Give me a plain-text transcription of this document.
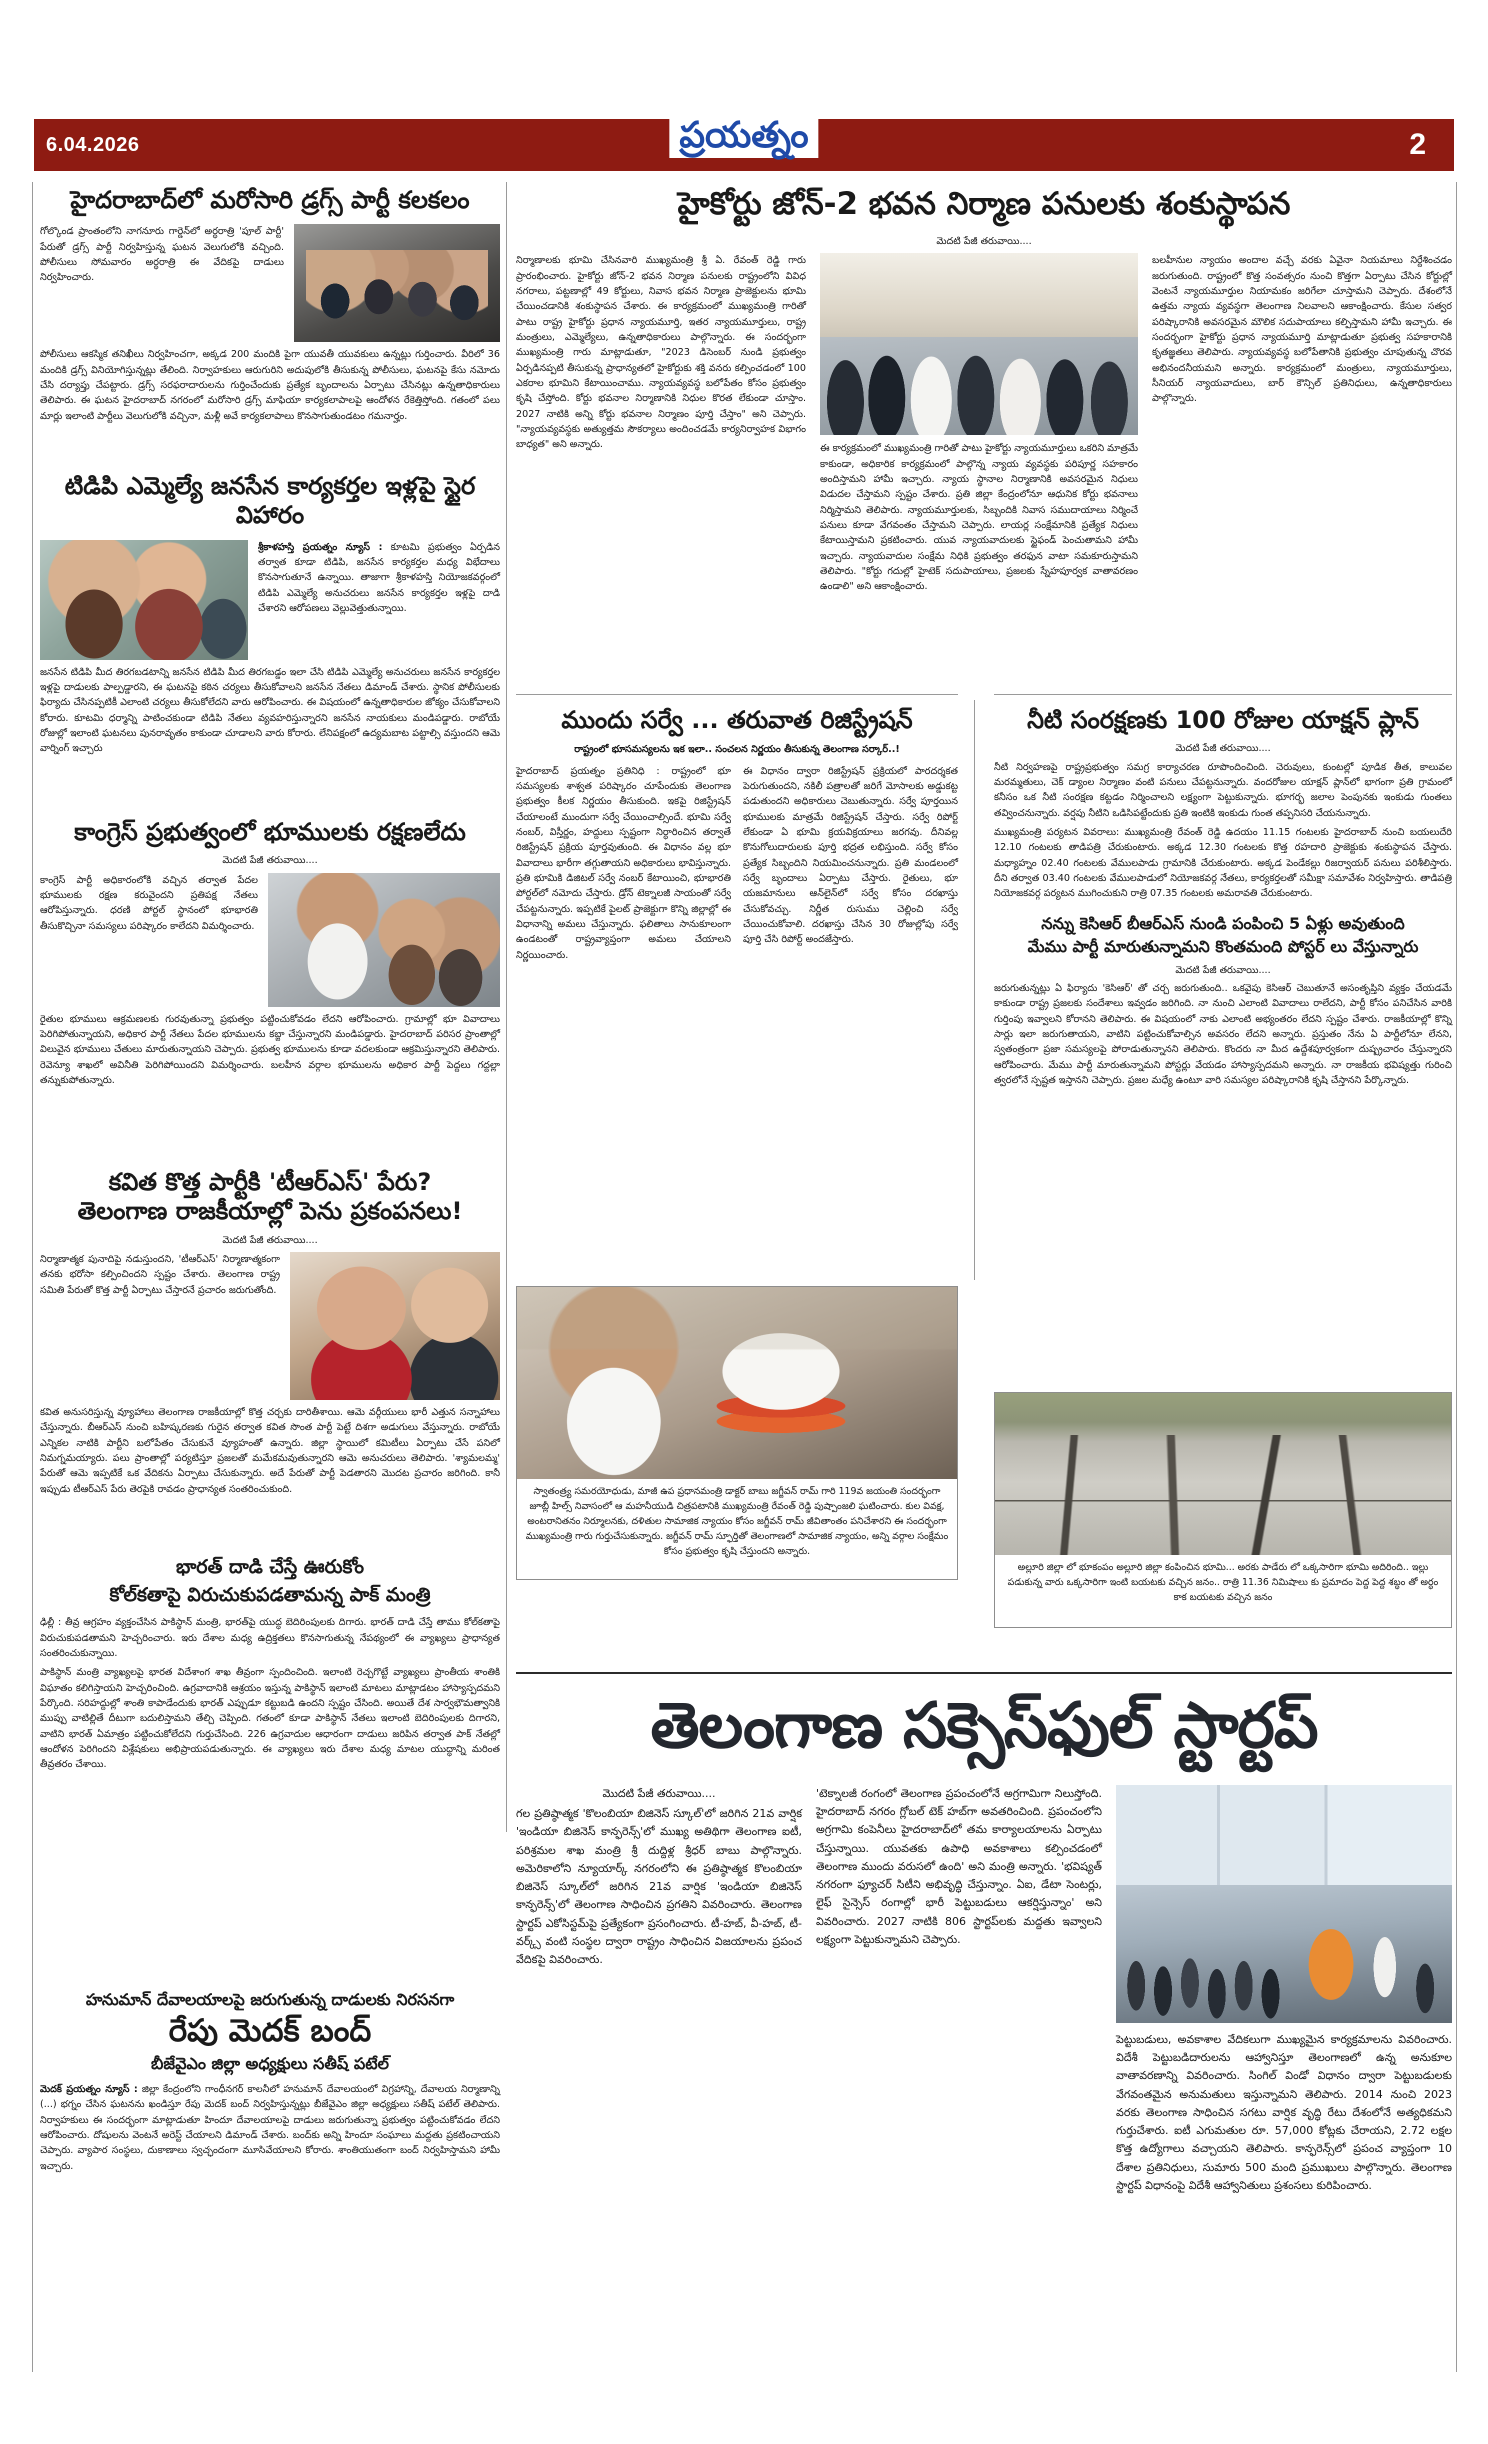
6.04.2026	ప్రయత్నం	2
హైదరాబాద్‌లో మరోసారి డ్రగ్స్ పార్టీ కలకలం
గోల్కొండ ప్రాంతంలోని నాగనూరు గార్డెన్‌లో అర్ధరాత్రి 'పూల్ పార్టీ' పేరుతో డ్రగ్స్ పార్టీ నిర్వహిస్తున్న ఘటన వెలుగులోకి వచ్చింది. పోలీసులు సోమవారం అర్ధరాత్రి ఈ వేదికపై దాడులు నిర్వహించారు.
పోలీసులు ఆకస్మిక తనిఖీలు నిర్వహించగా, అక్కడ 200 మందికి పైగా యువతీ యువకులు ఉన్నట్లు గుర్తించారు. వీరిలో 36 మందికి డ్రగ్స్ వినియోగిస్తున్నట్లు తేలింది. నిర్వాహకులు ఆరుగురిని అదుపులోకి తీసుకున్న పోలీసులు, ఘటనపై కేసు నమోదు చేసి దర్యాప్తు చేపట్టారు. డ్రగ్స్ సరఫరాదారులను గుర్తించేందుకు ప్రత్యేక బృందాలను ఏర్పాటు చేసినట్లు ఉన్నతాధికారులు తెలిపారు. ఈ ఘటన హైదరాబాద్ నగరంలో మరోసారి డ్రగ్స్ మాఫియా కార్యకలాపాలపై ఆందోళన రేకెత్తిస్తోంది. గతంలో పలు మార్లు ఇలాంటి పార్టీలు వెలుగులోకి వచ్చినా, మళ్లీ అవే కార్యకలాపాలు కొనసాగుతుండటం గమనార్హం.
టిడిపి ఎమ్మెల్యే జనసేన కార్యకర్తల ఇళ్లపై స్టైర విహారం
శ్రీకాళహస్తి ప్రయత్నం న్యూస్ : కూటమి ప్రభుత్వం ఏర్పడిన తర్వాత కూడా టిడిపి, జనసేన కార్యకర్తల మధ్య విభేదాలు కొనసాగుతూనే ఉన్నాయి. తాజాగా శ్రీకాళహస్తి నియోజకవర్గంలో టిడిపి ఎమ్మెల్యే అనుచరులు జనసేన కార్యకర్తల ఇళ్లపై దాడి చేశారని ఆరోపణలు వెల్లువెత్తుతున్నాయి.
జనసేన టిడిపి మీద తిరగబడటాన్ని జనసేన టిడిపి మీద తిరగబడ్డం ఇలా చేసి టిడిపి ఎమ్మెల్యే అనుచరులు జనసేన కార్యకర్తల ఇళ్లపై దాడులకు పాల్పడ్డారని, ఈ ఘటనపై కఠిన చర్యలు తీసుకోవాలని జనసేన నేతలు డిమాండ్ చేశారు. స్థానిక పోలీసులకు ఫిర్యాదు చేసినప్పటికీ ఎలాంటి చర్యలు తీసుకోలేదని వారు ఆరోపించారు. ఈ విషయంలో ఉన్నతాధికారుల జోక్యం చేసుకోవాలని కోరారు. కూటమి ధర్మాన్ని పాటించకుండా టిడిపి నేతలు వ్యవహరిస్తున్నారని జనసేన నాయకులు మండిపడ్డారు. రాబోయే రోజుల్లో ఇలాంటి ఘటనలు పునరావృతం కాకుండా చూడాలని వారు కోరారు. లేనిపక్షంలో ఉద్యమబాట పట్టాల్సి వస్తుందని ఆమె వార్నింగ్ ఇచ్చారు
కాంగ్రెస్ ప్రభుత్వంలో భూములకు రక్షణలేదు
మెదటి పేజీ తరువాయి....
కాంగ్రెస్ పార్టీ అధికారంలోకి వచ్చిన తర్వాత పేదల భూములకు రక్షణ కరువైందని ప్రతిపక్ష నేతలు ఆరోపిస్తున్నారు. ధరణి పోర్టల్ స్థానంలో భూభారతి తీసుకొచ్చినా సమస్యలు పరిష్కారం కాలేదని విమర్శించారు.
రైతుల భూములు ఆక్రమణలకు గురవుతున్నా ప్రభుత్వం పట్టించుకోవడం లేదని ఆరోపించారు. గ్రామాల్లో భూ వివాదాలు పెరిగిపోతున్నాయని, అధికార పార్టీ నేతలు పేదల భూములను కబ్జా చేస్తున్నారని మండిపడ్డారు. హైదరాబాద్ పరిసర ప్రాంతాల్లో విలువైన భూములు చేతులు మారుతున్నాయని చెప్పారు. ప్రభుత్వ భూములను కూడా వదలకుండా ఆక్రమిస్తున్నారని తెలిపారు. రెవెన్యూ శాఖలో అవినీతి పెరిగిపోయిందని విమర్శించారు. బలహీన వర్గాల భూములను అధికార పార్టీ పెద్దలు గద్దల్లా తన్నుకుపోతున్నారు.
కవిత కొత్త పార్టీకి 'టీఆర్ఎస్' పేరు?
తెలంగాణ రాజకీయాల్లో పెను ప్రకంపనలు!
మెదటి పేజీ తరువాయి....
నిర్మాణాత్మక పునాదిపై నడుస్తుందని, 'టీఆర్ఎస్' నిర్మాణాత్మకంగా తనకు భరోసా కల్పించిందని స్పష్టం చేశారు. తెలంగాణ రాష్ట్ర సమితి పేరుతో కొత్త పార్టీ ఏర్పాటు చేస్తారనే ప్రచారం జరుగుతోంది.
కవిత అనుసరిస్తున్న వ్యూహాలు తెలంగాణ రాజకీయాల్లో కొత్త చర్చకు దారితీశాయి. ఆమె వర్గీయులు భారీ ఎత్తున సన్నాహాలు చేస్తున్నారు. బీఆర్ఎస్ నుంచి బహిష్కరణకు గురైన తర్వాత కవిత సొంత పార్టీ పెట్టే దిశగా అడుగులు వేస్తున్నారు. రాబోయే ఎన్నికల నాటికి పార్టీని బలోపేతం చేసుకునే వ్యూహంతో ఉన్నారు. జిల్లా స్థాయిలో కమిటీలు ఏర్పాటు చేసే పనిలో నిమగ్నమయ్యారు. పలు ప్రాంతాల్లో పర్యటిస్తూ ప్రజలతో మమేకమవుతున్నారని ఆమె అనుచరులు తెలిపారు. 'శ్యామలమ్మ' పేరుతో ఆమె ఇప్పటికే ఒక వేదికను ఏర్పాటు చేసుకున్నారు. అదే పేరుతో పార్టీ పెడతారని మొదట ప్రచారం జరిగింది. కానీ ఇప్పుడు టీఆర్ఎస్ పేరు తెరపైకి రావడం ప్రాధాన్యత సంతరించుకుంది.
భారత్ దాడి చేస్తే ఊరుకోం
కోల్‌కతాపై విరుచుకుపడతామన్న పాక్ మంత్రి
ఢిల్లీ : తీవ్ర ఆగ్రహం వ్యక్తంచేసిన పాకిస్థాన్ మంత్రి, భారత్‌పై యుద్ధ బెదిరింపులకు దిగారు. భారత్ దాడి చేస్తే తాము కోల్‌కతాపై విరుచుకుపడతామని హెచ్చరించారు. ఇరు దేశాల మధ్య ఉద్రిక్తతలు కొనసాగుతున్న నేపథ్యంలో ఈ వ్యాఖ్యలు ప్రాధాన్యత సంతరించుకున్నాయి.
పాకిస్థాన్ మంత్రి వ్యాఖ్యలపై భారత విదేశాంగ శాఖ తీవ్రంగా స్పందించింది. ఇలాంటి రెచ్చగొట్టే వ్యాఖ్యలు ప్రాంతీయ శాంతికి విఘాతం కలిగిస్తాయని హెచ్చరించింది. ఉగ్రవాదానికి ఆశ్రయం ఇస్తున్న పాకిస్థాన్ ఇలాంటి మాటలు మాట్లాడటం హాస్యాస్పదమని పేర్కొంది. సరిహద్దుల్లో శాంతి కాపాడేందుకు భారత్ ఎప్పుడూ కట్టుబడి ఉందని స్పష్టం చేసింది. అయితే దేశ సార్వభౌమత్వానికి ముప్పు వాటిల్లితే దీటుగా బదులిస్తామని తేల్చి చెప్పింది. గతంలో కూడా పాకిస్థాన్ నేతలు ఇలాంటి బెదిరింపులకు దిగారని, వాటిని భారత్ ఏమాత్రం పట్టించుకోలేదని గుర్తుచేసింది. 226 ఉగ్రవాదుల ఆధారంగా దాడులు జరిపిన తర్వాత పాక్ నేతల్లో ఆందోళన పెరిగిందని విశ్లేషకులు అభిప్రాయపడుతున్నారు. ఈ వ్యాఖ్యలు ఇరు దేశాల మధ్య మాటల యుద్ధాన్ని మరింత తీవ్రతరం చేశాయి.
హనుమాన్ దేవాలయాలపై జరుగుతున్న దాడులకు నిరసనగా
రేపు మెదక్ బంద్
బీజేవైఎం జిల్లా అధ్యక్షులు సతీష్ పటేల్
మెదక్ ప్రయత్నం న్యూస్ : జిల్లా కేంద్రంలోని గాంధీనగర్ కాలనీలో హనుమాన్ దేవాలయంలో విగ్రహాన్ని, దేవాలయ నిర్మాణాన్ని (...) భగ్నం చేసిన ఘటనను ఖండిస్తూ రేపు మెదక్ బంద్ నిర్వహిస్తున్నట్లు బీజేవైఎం జిల్లా అధ్యక్షులు సతీష్ పటేల్ తెలిపారు. నిర్వాహకులు ఈ సందర్భంగా మాట్లాడుతూ హిందూ దేవాలయాలపై దాడులు జరుగుతున్నా ప్రభుత్వం పట్టించుకోవడం లేదని ఆరోపించారు. దోషులను వెంటనే అరెస్ట్ చేయాలని డిమాండ్ చేశారు. బంద్‌కు అన్ని హిందూ సంఘాలు మద్దతు ప్రకటించాయని చెప్పారు. వ్యాపార సంస్థలు, దుకాణాలు స్వచ్ఛందంగా మూసివేయాలని కోరారు. శాంతియుతంగా బంద్ నిర్వహిస్తామని హామీ ఇచ్చారు.
హైకోర్టు జోన్-2 భవన నిర్మాణ పనులకు శంకుస్థాపన
మెదటి పేజీ తరువాయి....
నిర్మాణాలకు భూమి చేసినవారి ముఖ్యమంత్రి శ్రీ ఏ. రేవంత్ రెడ్డి గారు ప్రారంభించారు. హైకోర్టు జోన్-2 భవన నిర్మాణ పనులకు రాష్ట్రంలోని వివిధ నగరాలు, పట్టణాల్లో 49 కోర్టులు, నివాస భవన నిర్మాణ ప్రాజెక్టులను భూమి చేయించడానికి శంకుస్థాపన చేశారు. ఈ కార్యక్రమంలో ముఖ్యమంత్రి గారితో పాటు రాష్ట్ర హైకోర్టు ప్రధాన న్యాయమూర్తి, ఇతర న్యాయమూర్తులు, రాష్ట్ర మంత్రులు, ఎమ్మెల్యేలు, ఉన్నతాధికారులు పాల్గొన్నారు. ఈ సందర్భంగా ముఖ్యమంత్రి గారు మాట్లాడుతూ, "2023 డిసెంబర్ నుండి ప్రభుత్వం ఏర్పడినప్పటి తీసుకున్న ప్రాధాన్యతలో హైకోర్టుకు శక్తి వనరు కల్పించడంలో 100 ఎకరాల భూమిని కేటాయించాము. న్యాయవ్యవస్థ బలోపేతం కోసం ప్రభుత్వం కృషి చేస్తోంది. కోర్టు భవనాల నిర్మాణానికి నిధుల కొరత లేకుండా చూస్తాం. 2027 నాటికి అన్ని కోర్టు భవనాల నిర్మాణం పూర్తి చేస్తాం" అని చెప్పారు. "న్యాయవ్యవస్థకు అత్యుత్తమ సౌకర్యాలు అందించడమే కార్యనిర్వాహక విభాగం బాధ్యత" అని అన్నారు.	ఈ కార్యక్రమంలో ముఖ్యమంత్రి గారితో పాటు హైకోర్టు న్యాయమూర్తులు ఒకరిని మాత్రమే కాకుండా, అధికారిక కార్యక్రమంలో పాల్గొన్న న్యాయ వ్యవస్థకు పరిపూర్ణ సహకారం అందిస్తామని హామీ ఇచ్చారు. న్యాయ స్థానాల నిర్మాణానికి అవసరమైన నిధులు విడుదల చేస్తామని స్పష్టం చేశారు. ప్రతి జిల్లా కేంద్రంలోనూ ఆధునిక కోర్టు భవనాలు నిర్మిస్తామని తెలిపారు. న్యాయమూర్తులకు, సిబ్బందికి నివాస సముదాయాలు నిర్మించే పనులు కూడా వేగవంతం చేస్తామని చెప్పారు. లాయర్ల సంక్షేమానికి ప్రత్యేక నిధులు కేటాయిస్తామని ప్రకటించారు. యువ న్యాయవాదులకు స్టైఫండ్ పెంచుతామని హామీ ఇచ్చారు. న్యాయవాదుల సంక్షేమ నిధికి ప్రభుత్వం తరఫున వాటా సమకూరుస్తామని తెలిపారు. "కోర్టు గదుల్లో హైటెక్ సదుపాయాలు, ప్రజలకు స్నేహపూర్వక వాతావరణం ఉండాలి" అని ఆకాంక్షించారు.
బలహీనుల న్యాయం అందాల వచ్చే వరకు ఏవైనా నియమాలు నిర్దేశించడం జరుగుతుంది. రాష్ట్రంలో కొత్త సంవత్సరం నుంచి కొత్తగా ఏర్పాటు చేసిన కోర్టుల్లో వెంటనే న్యాయమూర్తుల నియామకం జరిగేలా చూస్తామని చెప్పారు. దేశంలోనే ఉత్తమ న్యాయ వ్యవస్థగా తెలంగాణ నిలవాలని ఆకాంక్షించారు. కేసుల సత్వర పరిష్కారానికి అవసరమైన మౌలిక సదుపాయాలు కల్పిస్తామని హామీ ఇచ్చారు. ఈ సందర్భంగా హైకోర్టు ప్రధాన న్యాయమూర్తి మాట్లాడుతూ ప్రభుత్వ సహకారానికి కృతజ్ఞతలు తెలిపారు. న్యాయవ్యవస్థ బలోపేతానికి ప్రభుత్వం చూపుతున్న చొరవ అభినందనీయమని అన్నారు. కార్యక్రమంలో మంత్రులు, న్యాయమూర్తులు, సీనియర్ న్యాయవాదులు, బార్ కౌన్సిల్ ప్రతినిధులు, ఉన్నతాధికారులు పాల్గొన్నారు.
ముందు సర్వే ... తరువాత రిజిస్ట్రేషన్
రాష్ట్రంలో భూసమస్యలను ఇక ఇలా.. సంచలన నిర్ణయం తీసుకున్న తెలంగాణ సర్కార్..!
హైదరాబాద్ ప్రయత్నం ప్రతినిధి : రాష్ట్రంలో భూ సమస్యలకు శాశ్వత పరిష్కారం చూపేందుకు తెలంగాణ ప్రభుత్వం కీలక నిర్ణయం తీసుకుంది. ఇకపై రిజిస్ట్రేషన్ చేయాలంటే ముందుగా సర్వే చేయించాల్సిందే. భూమి సర్వే నంబర్, విస్తీర్ణం, హద్దులు స్పష్టంగా నిర్ధారించిన తర్వాతే రిజిస్ట్రేషన్ ప్రక్రియ పూర్తవుతుంది. ఈ విధానం వల్ల భూ వివాదాలు భారీగా తగ్గుతాయని అధికారులు భావిస్తున్నారు. ప్రతి భూమికి డిజిటల్ సర్వే నంబర్ కేటాయించి, భూభారతి పోర్టల్‌లో నమోదు చేస్తారు. డ్రోన్ టెక్నాలజీ సాయంతో సర్వే చేపట్టనున్నారు. ఇప్పటికే పైలట్ ప్రాజెక్టుగా కొన్ని జిల్లాల్లో ఈ విధానాన్ని అమలు చేస్తున్నారు. ఫలితాలు సానుకూలంగా ఉండటంతో రాష్ట్రవ్యాప్తంగా అమలు చేయాలని నిర్ణయించారు.
ఈ విధానం ద్వారా రిజిస్ట్రేషన్ ప్రక్రియలో పారదర్శకత పెరుగుతుందని, నకిలీ పత్రాలతో జరిగే మోసాలకు అడ్డుకట్ట పడుతుందని అధికారులు చెబుతున్నారు. సర్వే పూర్తయిన భూములకు మాత్రమే రిజిస్ట్రేషన్ చేస్తారు. సర్వే రిపోర్ట్ లేకుండా ఏ భూమి క్రయవిక్రయాలు జరగవు. దీనివల్ల కొనుగోలుదారులకు పూర్తి భద్రత లభిస్తుంది. సర్వే కోసం ప్రత్యేక సిబ్బందిని నియమించనున్నారు. ప్రతి మండలంలో సర్వే బృందాలు ఏర్పాటు చేస్తారు. రైతులు, భూ యజమానులు ఆన్‌లైన్‌లో సర్వే కోసం దరఖాస్తు చేసుకోవచ్చు. నిర్ణీత రుసుము చెల్లించి సర్వే చేయించుకోవాలి. దరఖాస్తు చేసిన 30 రోజుల్లోపు సర్వే పూర్తి చేసి రిపోర్ట్ అందజేస్తారు.
నీటి సంరక్షణకు 100 రోజుల యాక్షన్ ప్లాన్
మెదటి పేజీ తరువాయి....
నీటి నిర్వహణపై రాష్ట్రప్రభుత్వం సమగ్ర కార్యాచరణ రూపొందించింది. చెరువులు, కుంటల్లో పూడిక తీత, కాలువల మరమ్మతులు, చెక్ డ్యాంల నిర్మాణం వంటి పనులు చేపట్టనున్నారు. వందరోజుల యాక్షన్ ప్లాన్‌లో భాగంగా ప్రతి గ్రామంలో కనీసం ఒక నీటి సంరక్షణ కట్టడం నిర్మించాలని లక్ష్యంగా పెట్టుకున్నారు. భూగర్భ జలాల పెంపునకు ఇంకుడు గుంతలు తవ్వించనున్నారు. వర్షపు నీటిని ఒడిసిపట్టేందుకు ప్రతి ఇంటికి ఇంకుడు గుంత తప్పనిసరి చేయనున్నారు.
ముఖ్యమంత్రి పర్యటన వివరాలు: ముఖ్యమంత్రి రేవంత్ రెడ్డి ఉదయం 11.15 గంటలకు హైదరాబాద్ నుంచి బయలుదేరి 12.10 గంటలకు తాడిపత్రి చేరుకుంటారు. అక్కడ 12.30 గంటలకు కొత్త రహదారి ప్రాజెక్టుకు శంకుస్థాపన చేస్తారు. మధ్యాహ్నం 02.40 గంటలకు వేములపాడు గ్రామానికి చేరుకుంటారు. అక్కడ పెండేకల్లు రిజర్వాయర్ పనులు పరిశీలిస్తారు. దీని తర్వాత 03.40 గంటలకు వేములపాడులో నియోజకవర్గ నేతలు, కార్యకర్తలతో సమీక్షా సమావేశం నిర్వహిస్తారు. తాడిపత్రి నియోజకవర్గ పర్యటన ముగించుకుని రాత్రి 07.35 గంటలకు అమరావతి చేరుకుంటారు.
నన్ను కెసిఆర్ బీఆర్ఎస్ నుండి పంపించి 5 ఏళ్లు అవుతుంది
మేము పార్టీ మారుతున్నామని కొంతమంది పోస్టర్ లు వేస్తున్నారు
మెదటి పేజీ తరువాయి....
జరుగుతున్నట్లు ఏ ఫిర్యాదు 'కెసిఆర్' తో చర్చ జరుగుతుంది.. ఒకవైపు కెసిఆర్ చెబుతూనే అసంతృప్తిని వ్యక్తం చేయడమే కాకుండా రాష్ట్ర ప్రజలకు సందేశాలు ఇవ్వడం జరిగింది. నా నుంచి ఎలాంటి వివాదాలు రాలేదని, పార్టీ కోసం పనిచేసిన వారికి గుర్తింపు ఇవ్వాలని కోరానని తెలిపారు. ఈ విషయంలో నాకు ఎలాంటి అభ్యంతరం లేదని స్పష్టం చేశారు. రాజకీయాల్లో కొన్ని సార్లు ఇలా జరుగుతాయని, వాటిని పట్టించుకోవాల్సిన అవసరం లేదని అన్నారు. ప్రస్తుతం నేను ఏ పార్టీలోనూ లేనని, స్వతంత్రంగా ప్రజా సమస్యలపై పోరాడుతున్నానని తెలిపారు. కొందరు నా మీద ఉద్దేశపూర్వకంగా దుష్ప్రచారం చేస్తున్నారని ఆరోపించారు. మేము పార్టీ మారుతున్నామని పోస్టర్లు వేయడం హాస్యాస్పదమని అన్నారు. నా రాజకీయ భవిష్యత్తు గురించి త్వరలోనే స్పష్టత ఇస్తానని చెప్పారు. ప్రజల మధ్యే ఉంటూ వారి సమస్యల పరిష్కారానికి కృషి చేస్తానని పేర్కొన్నారు.
స్వాతంత్ర్య సమరయోధుడు, మాజీ ఉప ప్రధానమంత్రి డాక్టర్ బాబు జగ్జీవన్ రామ్ గారి 119వ జయంతి సందర్భంగా జూబ్లీ హిల్స్ నివాసంలో ఆ మహనీయుడి చిత్రపటానికి ముఖ్యమంత్రి రేవంత్ రెడ్డి పుష్పాంజలి ఘటించారు. కుల వివక్ష, అంటరానితనం నిర్మూలనకు, దళితుల సామాజిక న్యాయం కోసం జగ్జీవన్ రామ్ జీవితాంతం పనిచేశారని ఈ సందర్భంగా ముఖ్యమంత్రి గారు గుర్తుచేసుకున్నారు. జగ్జీవన్ రామ్ స్ఫూర్తితో తెలంగాణలో సామాజిక న్యాయం, అన్ని వర్గాల సంక్షేమం కోసం ప్రభుత్వం కృషి చేస్తుందని అన్నారు.
అల్లూరి జిల్లా లో భూకంపం అల్లూరి జిల్లా కంపించిన భూమి... అరకు పాడేరు లో ఒక్కసారిగా భూమి అదిరింది.. ఇల్లు పడుకున్న వారు ఒక్కసారిగా ఇంటి బయటకు వచ్చిన జనం.. రాత్రి 11.36 నిమిషాలు కు ప్రమాదం పెద్ద పెద్ద శబ్ధం తో అర్ధం కాక బయటకు వచ్చిన జనం
తెలంగాణ సక్సెస్‌ఫుల్ స్టార్టప్
మొదటి పేజీ తరువాయి....
గల ప్రతిష్ఠాత్మక 'కొలంబియా బిజినెస్ స్కూల్'లో జరిగిన 21వ వార్షిక 'ఇండియా బిజినెస్ కాన్ఫరెన్స్'లో ముఖ్య అతిథిగా తెలంగాణ ఐటీ, పరిశ్రమల శాఖ మంత్రి శ్రీ దుద్దిళ్ల శ్రీధర్ బాబు పాల్గొన్నారు. అమెరికాలోని న్యూయార్క్ నగరంలోని ఈ ప్రతిష్ఠాత్మక కొలంబియా బిజినెస్ స్కూల్‌లో జరిగిన 21వ వార్షిక 'ఇండియా బిజినెస్ కాన్ఫరెన్స్'లో తెలంగాణ సాధించిన ప్రగతిని వివరించారు. తెలంగాణ స్టార్టప్ ఎకోసిస్టమ్‌పై ప్రత్యేకంగా ప్రసంగించారు. టీ-హబ్, వీ-హబ్, టీ-వర్క్స్ వంటి సంస్థల ద్వారా రాష్ట్రం సాధించిన విజయాలను ప్రపంచ వేదికపై వివరించారు.
'టెక్నాలజీ రంగంలో తెలంగాణ ప్రపంచంలోనే అగ్రగామిగా నిలుస్తోంది. హైదరాబాద్ నగరం గ్లోబల్ టెక్ హబ్‌గా అవతరించింది. ప్రపంచంలోని అగ్రగామి కంపెనీలు హైదరాబాద్‌లో తమ కార్యాలయాలను ఏర్పాటు చేస్తున్నాయి. యువతకు ఉపాధి అవకాశాలు కల్పించడంలో తెలంగాణ ముందు వరుసలో ఉంది' అని మంత్రి అన్నారు. 'భవిష్యత్ నగరంగా ఫ్యూచర్ సిటీని అభివృద్ధి చేస్తున్నాం. ఏఐ, డేటా సెంటర్లు, లైఫ్ సైన్సెస్ రంగాల్లో భారీ పెట్టుబడులు ఆకర్షిస్తున్నాం' అని వివరించారు. 2027 నాటికి 806 స్టార్టప్‌లకు మద్దతు ఇవ్వాలని లక్ష్యంగా పెట్టుకున్నామని చెప్పారు.
పెట్టుబడులు, అవకాశాల వేదికలుగా ముఖ్యమైన కార్యక్రమాలను వివరించారు. విదేశీ పెట్టుబడిదారులను ఆహ్వానిస్తూ తెలంగాణలో ఉన్న అనుకూల వాతావరణాన్ని వివరించారు. సింగిల్ విండో విధానం ద్వారా పెట్టుబడులకు వేగవంతమైన అనుమతులు ఇస్తున్నామని తెలిపారు. 2014 నుంచి 2023 వరకు తెలంగాణ సాధించిన సగటు వార్షిక వృద్ధి రేటు దేశంలోనే అత్యధికమని గుర్తుచేశారు. ఐటీ ఎగుమతుల రూ. 57,000 కోట్లకు చేరాయని, 2.72 లక్షల కొత్త ఉద్యోగాలు వచ్చాయని తెలిపారు. కాన్ఫరెన్స్‌లో ప్రపంచ వ్యాప్తంగా 10 దేశాల ప్రతినిధులు, సుమారు 500 మంది ప్రముఖులు పాల్గొన్నారు. తెలంగాణ స్టార్టప్ విధానంపై విదేశీ ఆహ్వానితులు ప్రశంసలు కురిపించారు.
